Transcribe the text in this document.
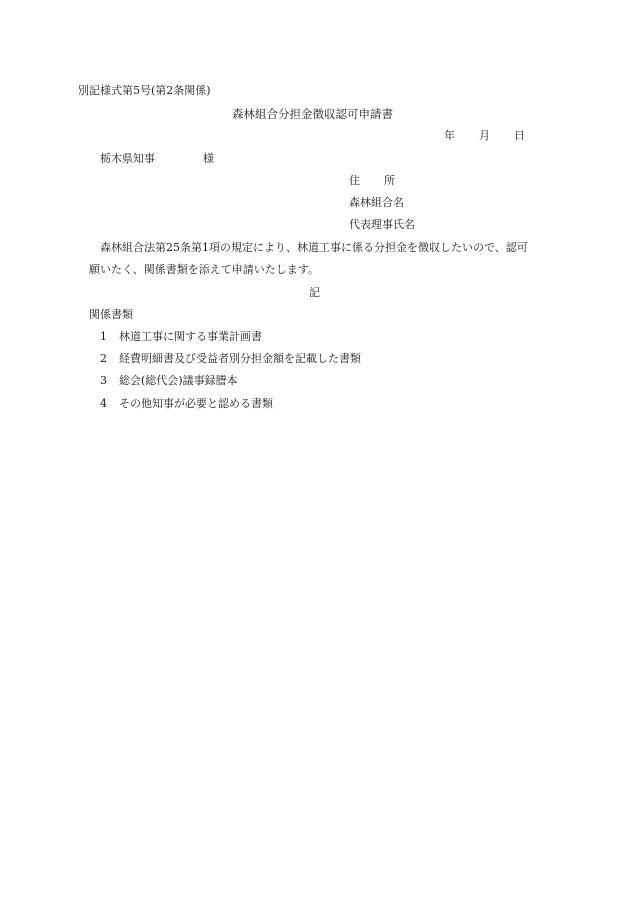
別記様式第5号(第2条関係)
森林組合分担金徴収認可申請書
年 月 日
栃木県知事	様
住 所
森林組合名
代表理事氏名
森林組合法第25条第1項の規定により、林道工事に係る分担金を徴収したいので、認可
願いたく、関係書類を添えて申請いたします。
記
関係書類
1 林道工事に関する事業計画書
2 経費明細書及び受益者別分担金額を記載した書類
3 総会(総代会)議事録謄本
4 その他知事が必要と認める書類
